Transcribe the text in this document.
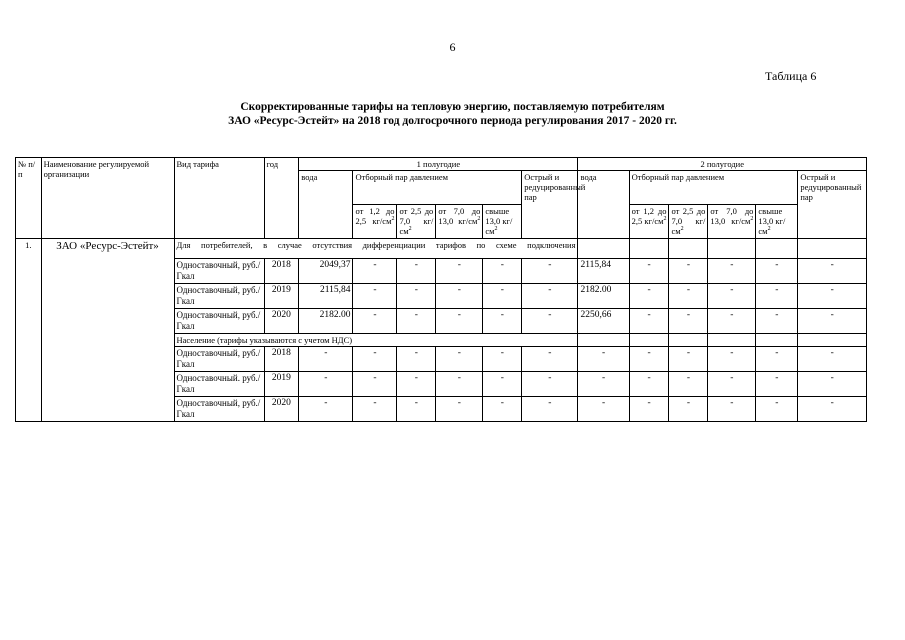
6
Таблица 6
Скорректированные тарифы на тепловую энергию, поставляемую потребителям
ЗАО «Ресурс-Эстейт» на 2018 год долгосрочного периода регулирования 2017 - 2020 гг.
№ п/п	Наименование регулируемой организации	Вид тарифа	год	1 полугодие						2 полугодие					
				вода	Отборный пар давлением				Острый и редуцированный пар	вода	Отборный пар давлением				Острый и редуцированный пар
					от 1,2 до 2,5 $кг/см^2$	от 2,5 до 7,0 $кг/см^2$	от 7,0 до 13,0 $кг/см^2$	свыше 13,0 $кг/см^2$			от 1,2 до 2,5 $кг/см^2$	от 2,5 до 7,0 $кг/см^2$	от 7,0 до 13,0 $кг/см^2$	свыше 13,0 $кг/см^2$
1.	ЗАО «Ресурс-Эстейт»	Для потребителей, в случае отсутствия дифференциации тарифов по схеме подключения													
		Одноставочный, руб./Гкал	2018	2049,37	-	-	-	-	-	2115,84	-	-	-	-	-
		Одноставочный, руб./Гкал	2019	2115,84	-	-	-	-	-	2182.00	-	-	-	-	-
		Одноставочный, руб./Гкал	2020	2182.00	-	-	-	-	-	2250,66	-	-	-	-	-
		Население (тарифы указываются с учетом НДС)													
		Одноставочный, руб./Гкал	2018	-	-	-	-	-	-	-	-	-	-	-	-
		Одноставочный. руб./Гкал	2019	-	-	-	-	-	-	-	-	-	-	-	-
		Одноставочный, руб./Гкал	2020	-	-	-	-	-	-	-	-	-	-	-	-
